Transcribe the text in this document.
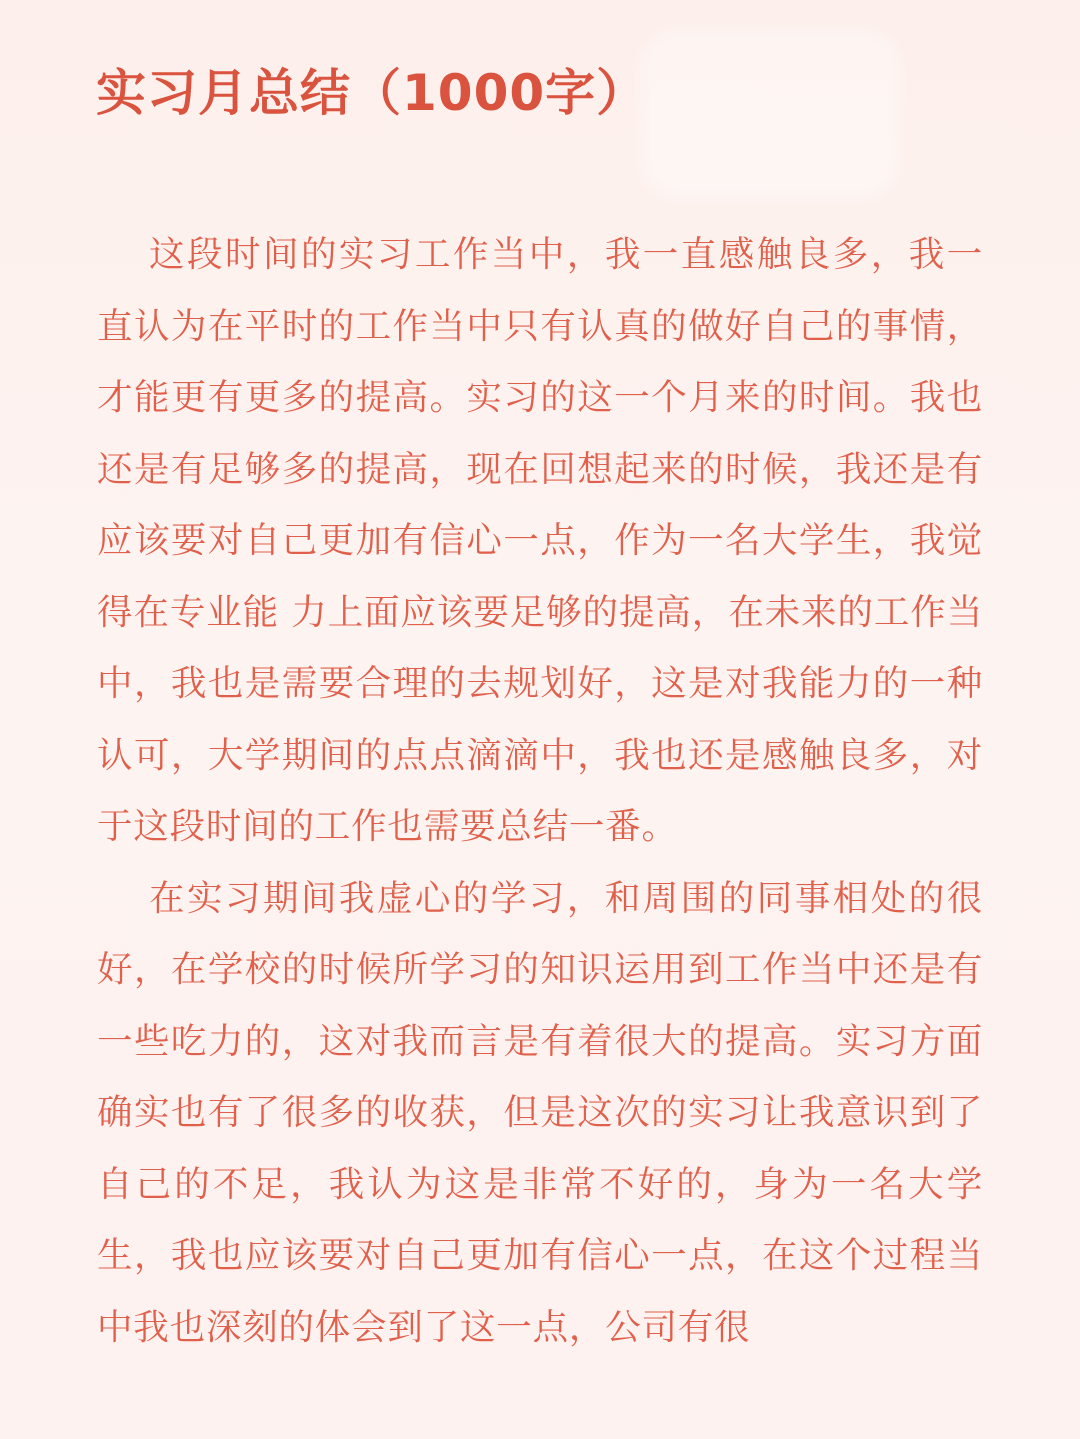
实习月总结（1000字）

这段时间的实习工作当中，我一直感触良多，我一直认为在平时的工作当中只有认真的做好自己的事情，才能更有更多的提高。实习的这一个月来的时间。我也还是有足够多的提高，现在回想起来的时候，我还是有应该要对自己更加有信心一点，作为一名大学生，我觉得在专业能 力上面应该要足够的提高，在未来的工作当中，我也是需要合理的去规划好，这是对我能力的一种认可，大学期间的点点滴滴中，我也还是感触良多，对于这段时间的工作也需要总结一番。

在实习期间我虚心的学习，和周围的同事相处的很好，在学校的时候所学习的知识运用到工作当中还是有一些吃力的，这对我而言是有着很大的提高。实习方面确实也有了很多的收获，但是这次的实习让我意识到了自己的不足，我认为这是非常不好的，身为一名大学生，我也应该要对自己更加有信心一点，在这个过程当中我也深刻的体会到了这一点，公司有很
